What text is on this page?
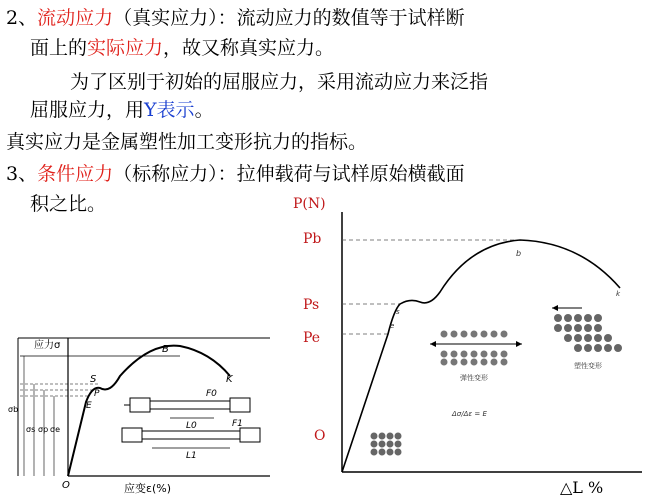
2、流动应力（真实应力）：流动应力的数值等于试样断
面上的实际应力，故又称真实应力。
为了区别于初始的屈服应力，采用流动应力来泛指
屈服应力，用Y表示。
真实应力是金属塑性加工变形抗力的指标。
3、条件应力（标称应力）：拉伸载荷与试样原始横截面
积之比。	P(N)
Pb
Ps
Pe
O
△L %
b
s
e
k
弹性变形
塑性变形
Δσ/Δε = E
应力σ	B
K
S
P
E
σb
σs σp σe
O
F0
L0	F1
L1
应变ε(%)
